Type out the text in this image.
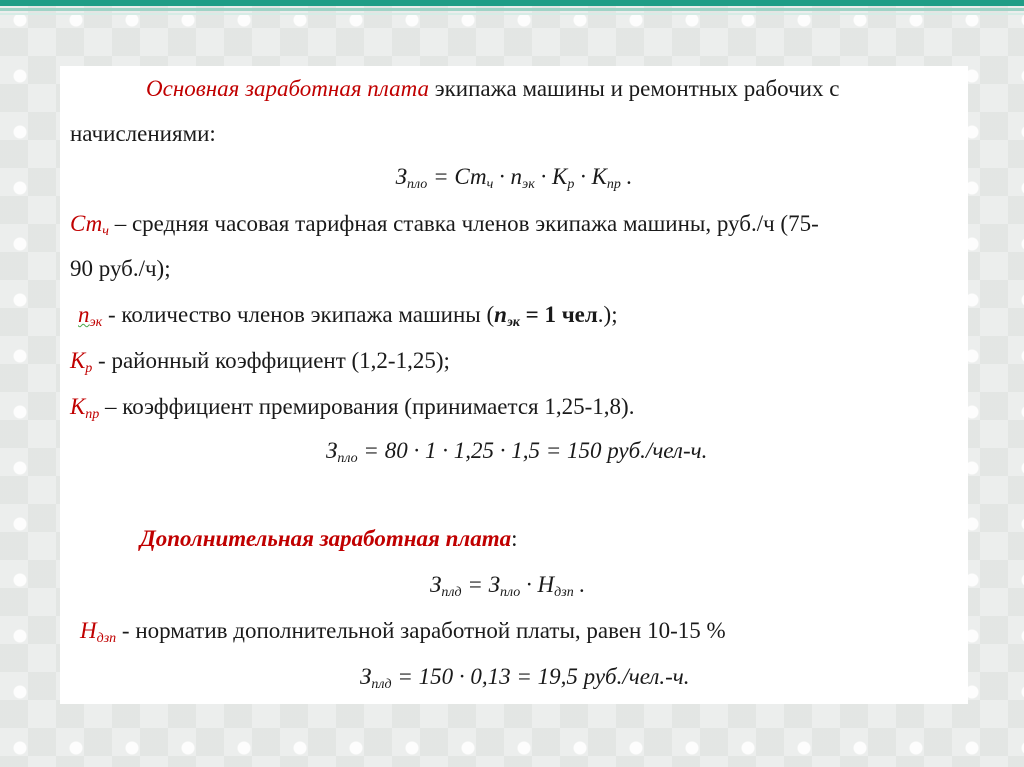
Основная заработная плата экипажа машины и ремонтных рабочих с
начислениями:
$З_{пло} = Ст_ч \cdot n_{эк} \cdot К_р \cdot К_{пр}$ .
$Ст_ч$ – средняя часовая тарифная ставка членов экипажа машины, руб./ч (75-
90 руб./ч);
$n_{эк}$ - количество членов экипажа машины ($n_{эк} = 1$ чел.);
$К_р$ - районный коэффициент (1,2-1,25);
$К_{пр}$ – коэффициент премирования (принимается 1,25-1,8).
$З_{пло} = 80 \cdot 1 \cdot 1,25 \cdot 1,5 = 150$ руб./чел-ч.
Дополнительная заработная плата:
$З_{плд} = З_{пло} \cdot Н_{дзп}$ .
$Н_{дзп}$ - норматив дополнительной заработной платы, равен 10-15 %
$З_{плд} = 150 \cdot 0,13 = 19,5$ руб./чел.-ч.
